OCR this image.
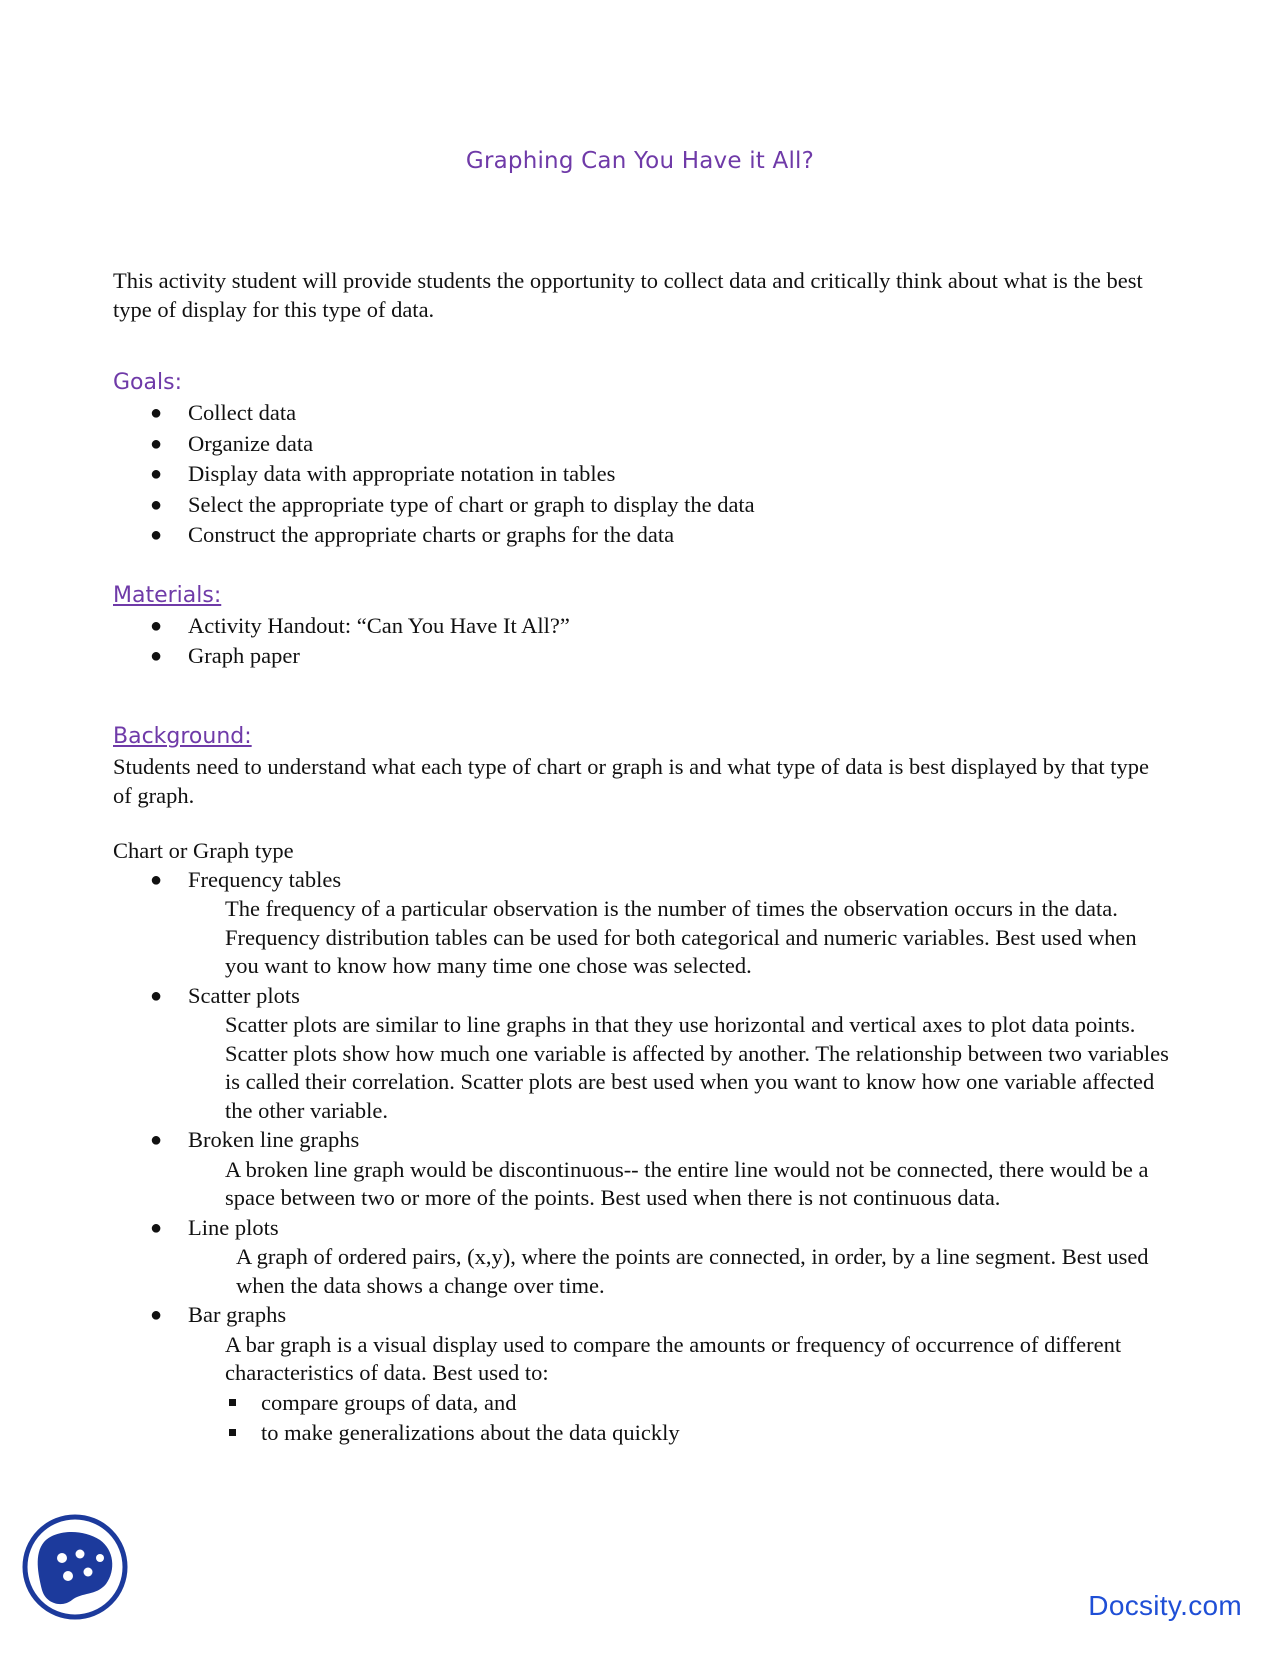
Graphing Can You Have it All?

This activity student will provide students the opportunity to collect data and critically think about what is the best type of display for this type of data.

Goals:

● Collect data
● Organize data
● Display data with appropriate notation in tables
● Select the appropriate type of chart or graph to display the data
● Construct the appropriate charts or graphs for the data

Materials:

● Activity Handout: “Can You Have It All?”
● Graph paper

Background:

Students need to understand what each type of chart or graph is and what type of data is best displayed by that type of graph.

Chart or Graph type

● Frequency tables
The frequency of a particular observation is the number of times the observation occurs in the data. Frequency distribution tables can be used for both categorical and numeric variables. Best used when you want to know how many time one chose was selected.
● Scatter plots
Scatter plots are similar to line graphs in that they use horizontal and vertical axes to plot data points. Scatter plots show how much one variable is affected by another. The relationship between two variables is called their correlation. Scatter plots are best used when you want to know how one variable affected the other variable.
● Broken line graphs
A broken line graph would be discontinuous-- the entire line would not be connected, there would be a space between two or more of the points. Best used when there is not continuous data.
● Line plots
A graph of ordered pairs, (x,y), where the points are connected, in order, by a line segment. Best used when the data shows a change over time.
● Bar graphs
A bar graph is a visual display used to compare the amounts or frequency of occurrence of different characteristics of data. Best used to:
compare groups of data, and
to make generalizations about the data quickly
Docsity.com
